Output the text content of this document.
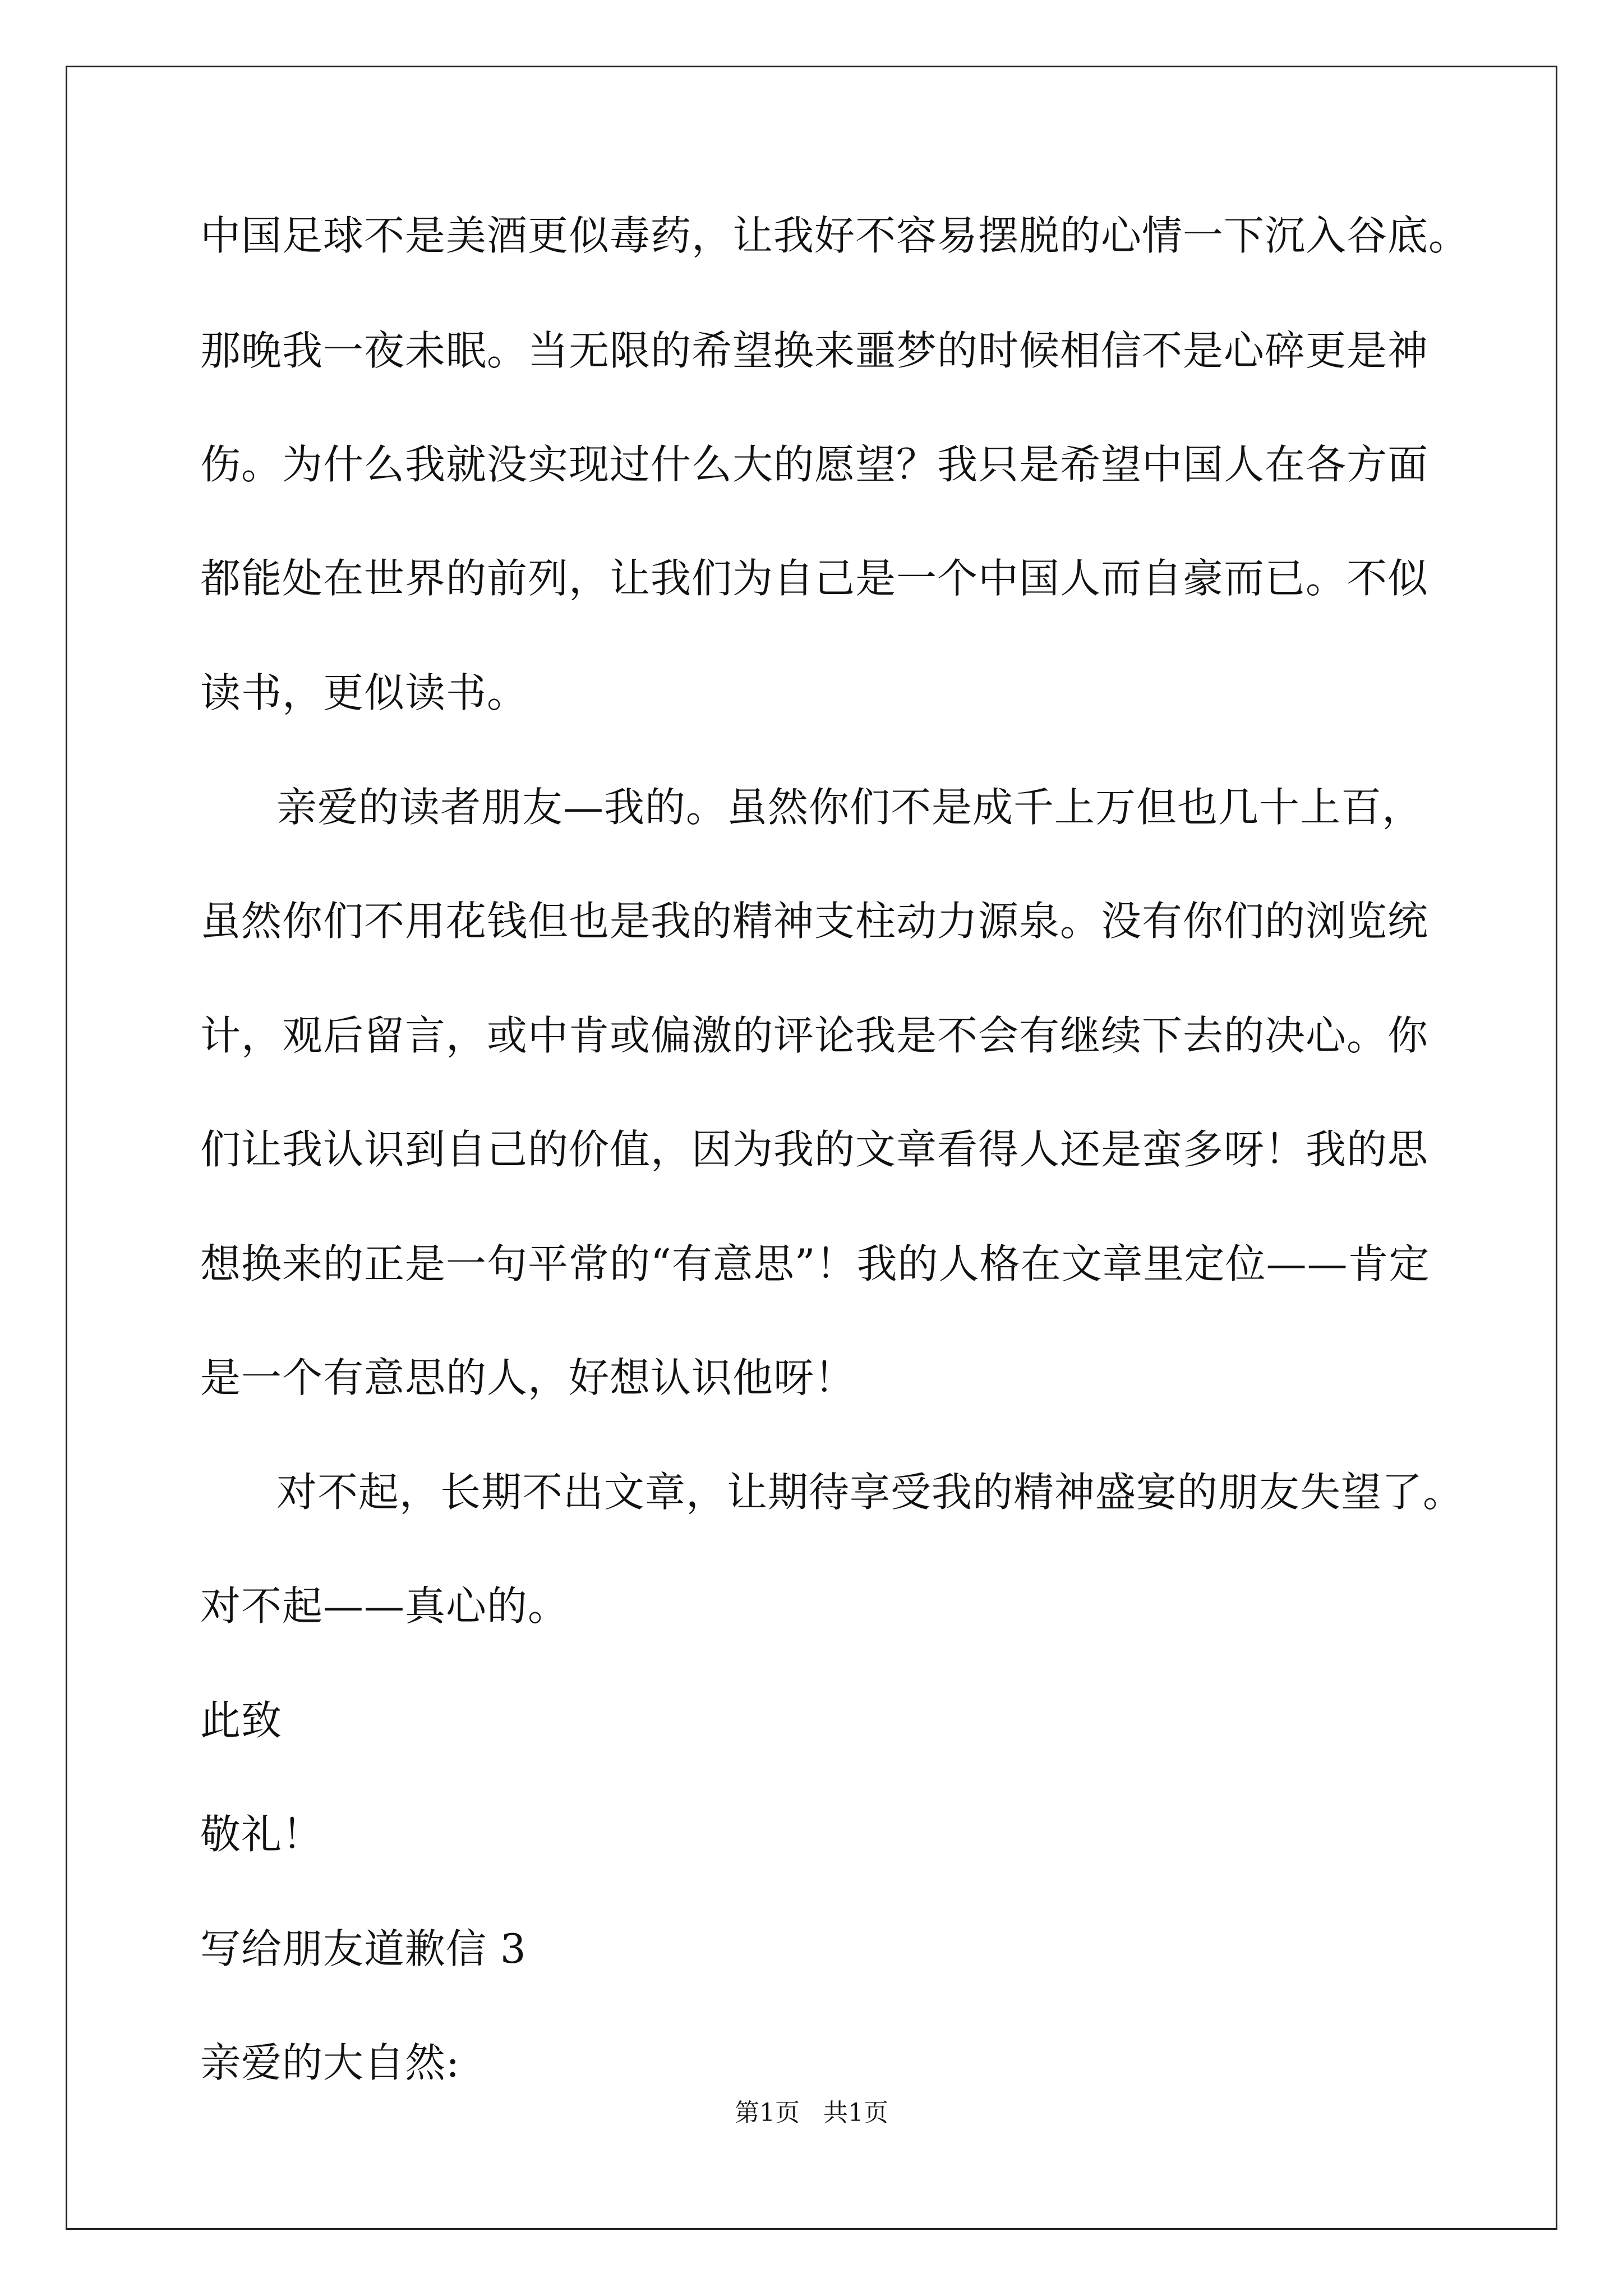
中国足球不是美酒更似毒药，让我好不容易摆脱的心情一下沉入谷底。

那晚我一夜未眠。当无限的希望换来噩梦的时候相信不是心碎更是神

伤。为什么我就没实现过什么大的愿望？我只是希望中国人在各方面

都能处在世界的前列，让我们为自己是一个中国人而自豪而已。不似

读书，更似读书。

亲爱的读者朋友—我的。虽然你们不是成千上万但也几十上百，

虽然你们不用花钱但也是我的精神支柱动力源泉。没有你们的浏览统

计，观后留言，或中肯或偏激的评论我是不会有继续下去的决心。你

们让我认识到自己的价值，因为我的文章看得人还是蛮多呀！我的思

想换来的正是一句平常的“有意思”！我的人格在文章里定位——肯定

是一个有意思的人，好想认识他呀！

对不起，长期不出文章，让期待享受我的精神盛宴的朋友失望了。

对不起——真心的。

此致

敬礼！

写给朋友道歉信 3

亲爱的大自然:

第1页   共1页
